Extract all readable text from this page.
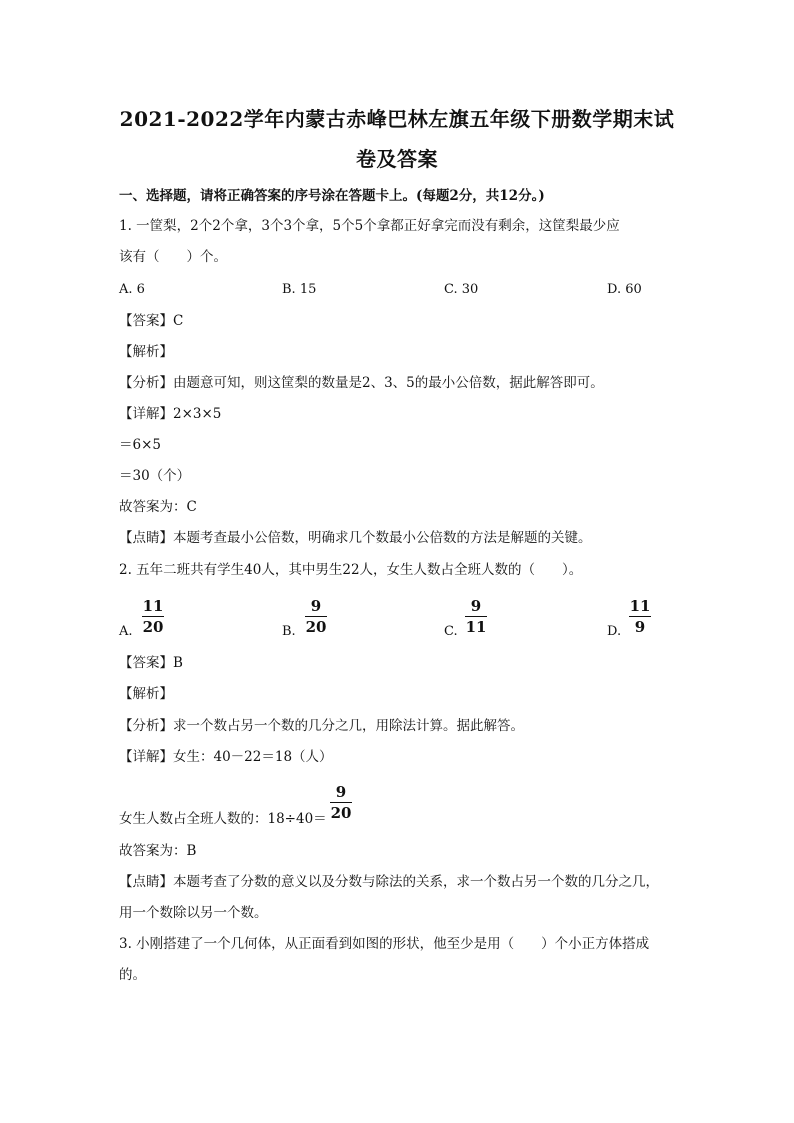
2021-2022学年内蒙古赤峰巴林左旗五年级下册数学期末试
卷及答案
一、选择题，请将正确答案的序号涂在答题卡上。(每题2分，共12分。)
1. 一筐梨，2个2个拿，3个3个拿，5个5个拿都正好拿完而没有剩余，这筐梨最少应
该有（　　）个。
A. 6	B. 15	C. 30	D. 60
【答案】C
【解析】
【分析】由题意可知，则这筐梨的数量是2、3、5的最小公倍数，据此解答即可。
【详解】2×3×5
＝6×5
＝30（个）
故答案为：C
【点睛】本题考查最小公倍数，明确求几个数最小公倍数的方法是解题的关键。
2. 五年二班共有学生40人，其中男生22人，女生人数占全班人数的（　　）。
A.
11
20	B.
9
20	C.
9
11	D.
11
9
【答案】B
【解析】
【分析】求一个数占另一个数的几分之几，用除法计算。据此解答。
【详解】女生：40－22＝18（人）
女生人数占全班人数的：18÷40＝
9
20
故答案为：B
【点睛】本题考查了分数的意义以及分数与除法的关系，求一个数占另一个数的几分之几，
用一个数除以另一个数。
3. 小刚搭建了一个几何体，从正面看到如图的形状，他至少是用（　　）个小正方体搭成
的。
